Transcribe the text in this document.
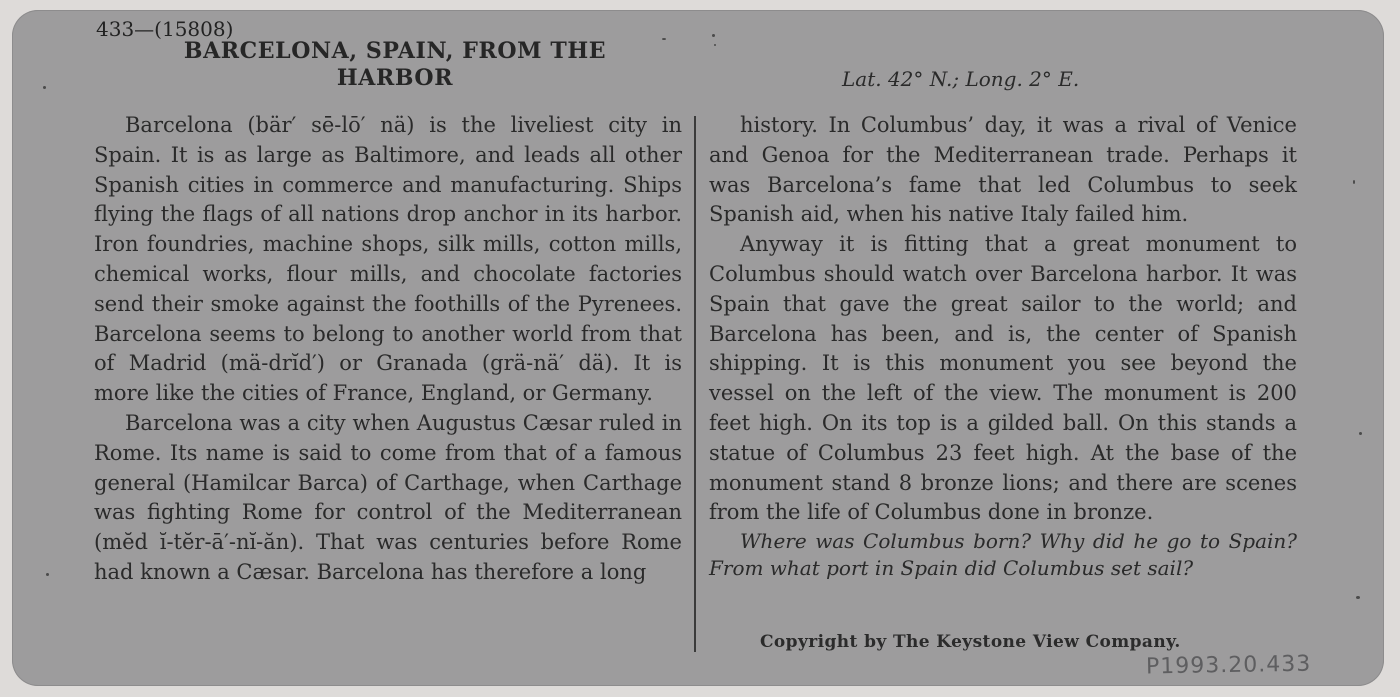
433—(15808)
BARCELONA, SPAIN, FROM THE
HARBOR	Lat. 42° N.; Long. 2° E.

Barcelona (bär′ sē-lō′ nä) is the liveliest city in Spain. It is as large as Baltimore, and leads all other Spanish cities in commerce and manufacturing. Ships flying the flags of all nations drop anchor in its harbor. Iron foundries, machine shops, silk mills, cotton mills, chemical works, flour mills, and chocolate factories send their smoke against the foothills of the Pyrenees. Barcelona seems to belong to another world from that of Madrid (mä-drĭd′) or Granada (grä-nä′ dä). It is more like the cities of France, England, or Germany.

Barcelona was a city when Augustus Cæsar ruled in Rome. Its name is said to come from that of a famous general (Hamilcar Barca) of Carthage, when Carthage was fighting Rome for control of the Mediterranean (mĕd ĭ-tĕr-ā′-nĭ-ăn). That was centuries before Rome had known a Cæsar. Barcelona has therefore a long

history. In Columbus’ day, it was a rival of Venice and Genoa for the Mediterranean trade. Perhaps it was Barcelona’s fame that led Columbus to seek Spanish aid, when his native Italy failed him.

Anyway it is fitting that a great monument to Columbus should watch over Barcelona harbor. It was Spain that gave the great sailor to the world; and Barcelona has been, and is, the center of Spanish shipping. It is this monument you see beyond the vessel on the left of the view. The monument is 200 feet high. On its top is a gilded ball. On this stands a statue of Columbus 23 feet high. At the base of the monument stand 8 bronze lions; and there are scenes from the life of Columbus done in bronze.

Where was Columbus born? Why did he go to Spain? From what port in Spain did Columbus set sail?

Copyright by The Keystone View Company.
P1993.20.433
